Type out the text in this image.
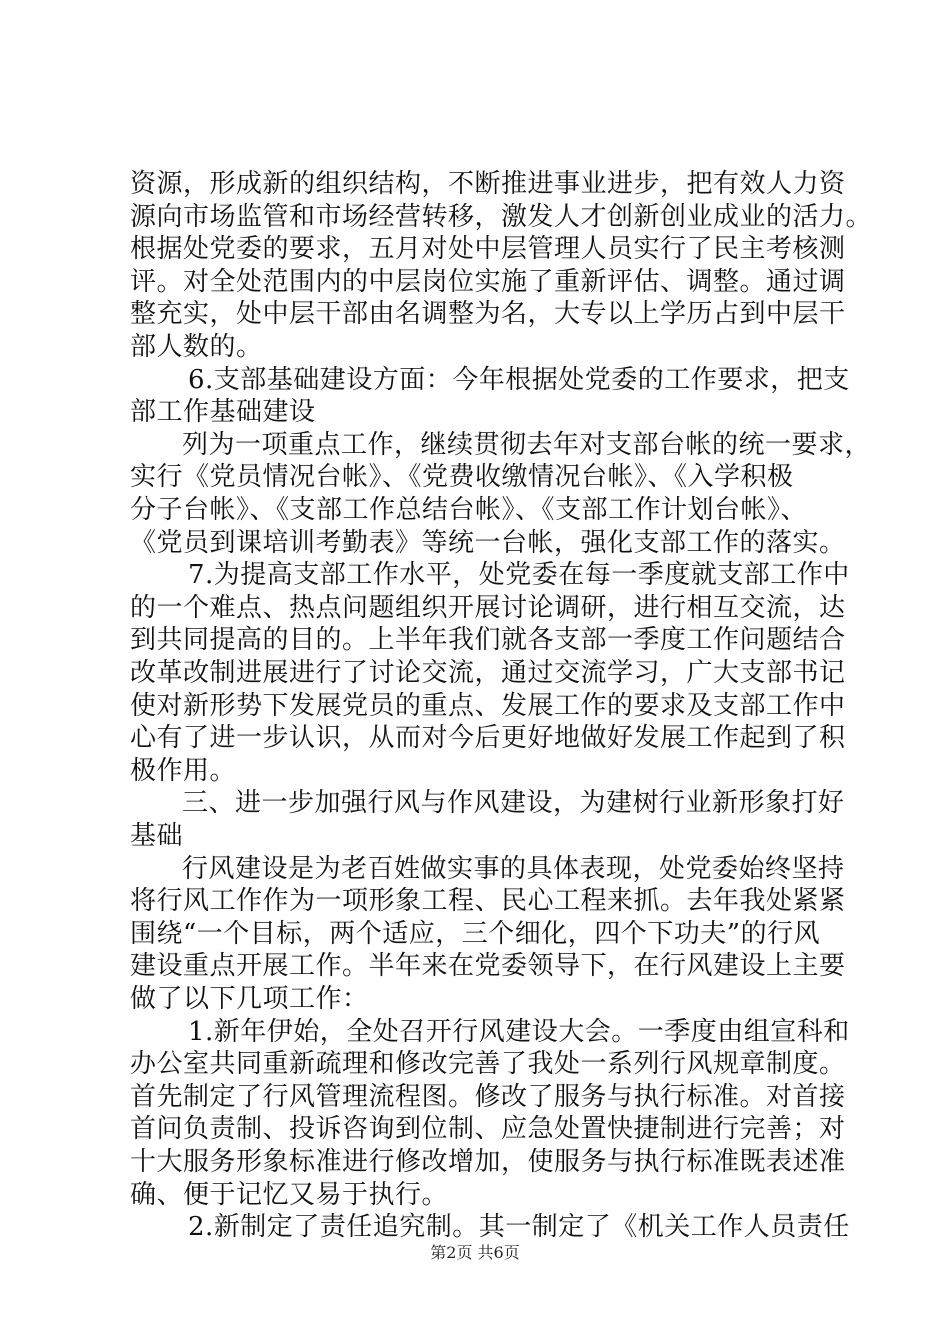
资源，形成新的组织结构，不断推进事业进步，把有效人力资
源向市场监管和市场经营转移，激发人才创新创业成业的活力。
根据处党委的要求，五月对处中层管理人员实行了民主考核测
评。对全处范围内的中层岗位实施了重新评估、调整。通过调
整充实，处中层干部由名调整为名，大专以上学历占到中层干
部人数的。
6.支部基础建设方面：今年根据处党委的工作要求，把支
部工作基础建设
列为一项重点工作，继续贯彻去年对支部台帐的统一要求，
实行《党员情况台帐》、《党费收缴情况台帐》、《入学积极
分子台帐》、《支部工作总结台帐》、《支部工作计划台帐》、
《党员到课培训考勤表》等统一台帐，强化支部工作的落实。
7.为提高支部工作水平，处党委在每一季度就支部工作中
的一个难点、热点问题组织开展讨论调研，进行相互交流，达
到共同提高的目的。上半年我们就各支部一季度工作问题结合
改革改制进展进行了讨论交流，通过交流学习，广大支部书记
使对新形势下发展党员的重点、发展工作的要求及支部工作中
心有了进一步认识，从而对今后更好地做好发展工作起到了积
极作用。
三、进一步加强行风与作风建设，为建树行业新形象打好
基础
行风建设是为老百姓做实事的具体表现，处党委始终坚持
将行风工作作为一项形象工程、民心工程来抓。去年我处紧紧
围绕“一个目标，两个适应，三个细化，四个下功夫”的行风
建设重点开展工作。半年来在党委领导下，在行风建设上主要
做了以下几项工作：
1.新年伊始，全处召开行风建设大会。一季度由组宣科和
办公室共同重新疏理和修改完善了我处一系列行风规章制度。
首先制定了行风管理流程图。修改了服务与执行标准。对首接
首问负责制、投诉咨询到位制、应急处置快捷制进行完善；对
十大服务形象标准进行修改增加，使服务与执行标准既表述准
确、便于记忆又易于执行。
2.新制定了责任追究制。其一制定了《机关工作人员责任
第2页 共6页
